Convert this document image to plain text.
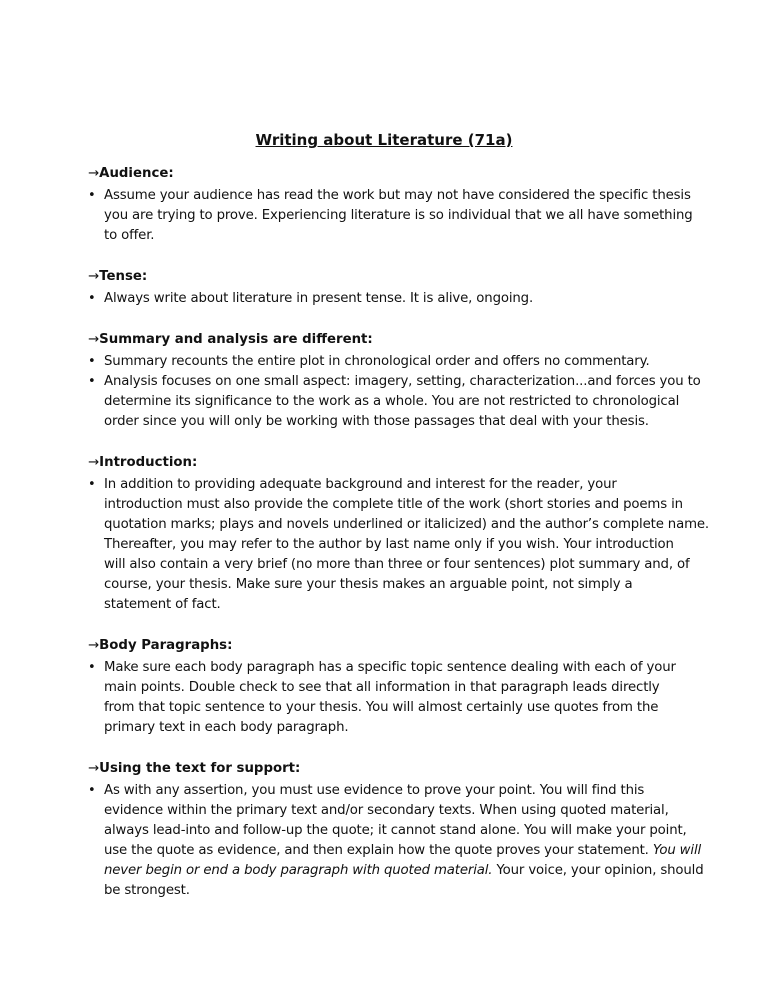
Writing about Literature (71a)
→Audience:
• Assume your audience has read the work but may not have considered the specific thesis
you are trying to prove. Experiencing literature is so individual that we all have something
to offer.
→Tense:
• Always write about literature in present tense. It is alive, ongoing.
→Summary and analysis are different:
• Summary recounts the entire plot in chronological order and offers no commentary.
• Analysis focuses on one small aspect: imagery, setting, characterization...and forces you to
determine its significance to the work as a whole. You are not restricted to chronological
order since you will only be working with those passages that deal with your thesis.
→Introduction:
• In addition to providing adequate background and interest for the reader, your
introduction must also provide the complete title of the work (short stories and poems in
quotation marks; plays and novels underlined or italicized) and the author’s complete name.
Thereafter, you may refer to the author by last name only if you wish. Your introduction
will also contain a very brief (no more than three or four sentences) plot summary and, of
course, your thesis. Make sure your thesis makes an arguable point, not simply a
statement of fact.
→Body Paragraphs:
• Make sure each body paragraph has a specific topic sentence dealing with each of your
main points. Double check to see that all information in that paragraph leads directly
from that topic sentence to your thesis. You will almost certainly use quotes from the
primary text in each body paragraph.
→Using the text for support:
• As with any assertion, you must use evidence to prove your point. You will find this
evidence within the primary text and/or secondary texts. When using quoted material,
always lead-into and follow-up the quote; it cannot stand alone. You will make your point,
use the quote as evidence, and then explain how the quote proves your statement. You will
never begin or end a body paragraph with quoted material. Your voice, your opinion, should
be strongest.
